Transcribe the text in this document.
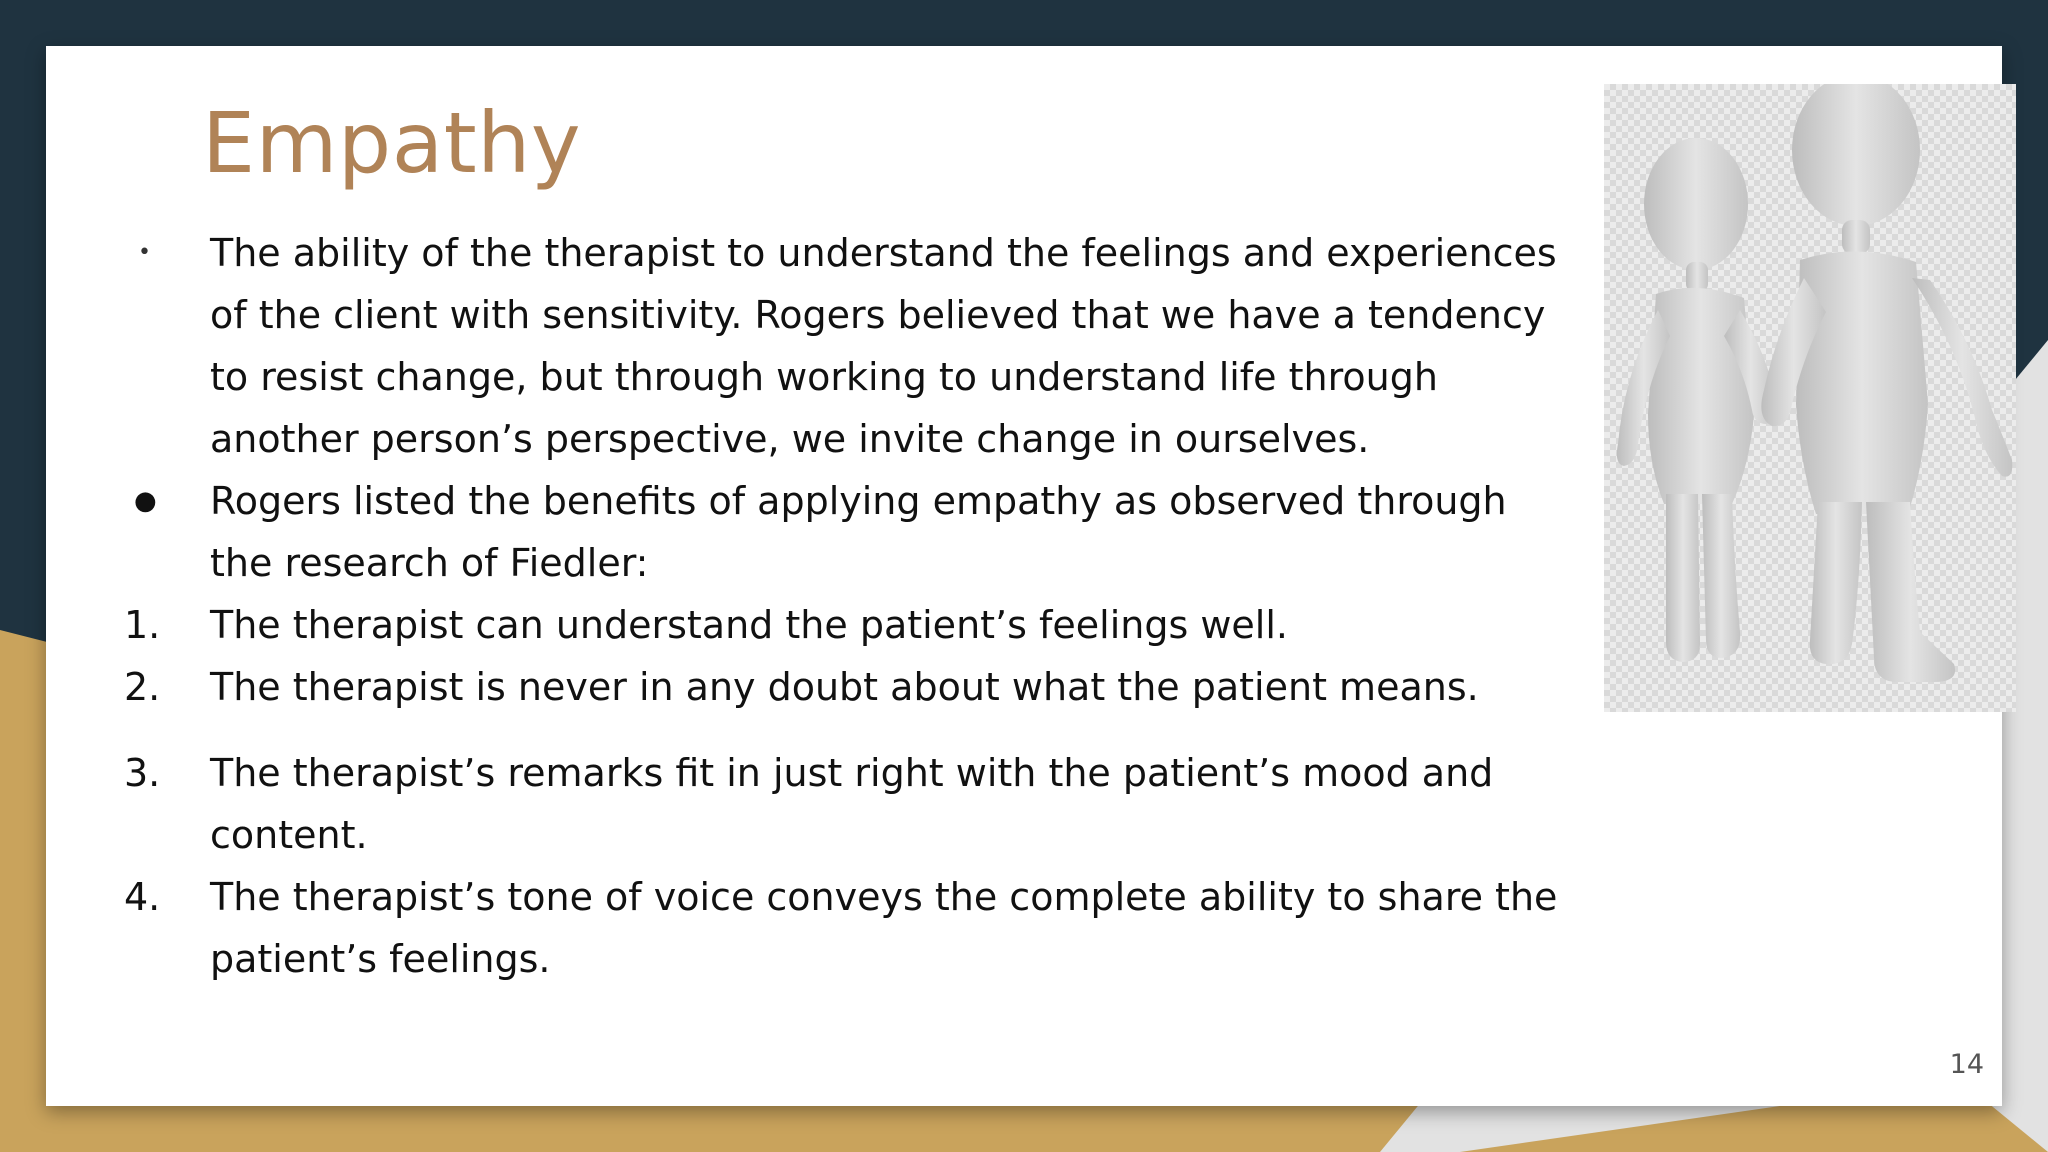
Empathy
•	The ability of the therapist to understand the feelings and experiences of the client with sensitivity. Rogers believed that we have a tendency to resist change, but through working to understand life through another person’s perspective, we invite change in ourselves.
●	Rogers listed the benefits of applying empathy as observed through the research of Fiedler:
1.	The therapist can understand the patient’s feelings well.
2.	The therapist is never in any doubt about what the patient means.
3.	The therapist’s remarks fit in just right with the patient’s mood and content.
4.	The therapist’s tone of voice conveys the complete ability to share the patient’s feelings.
14
